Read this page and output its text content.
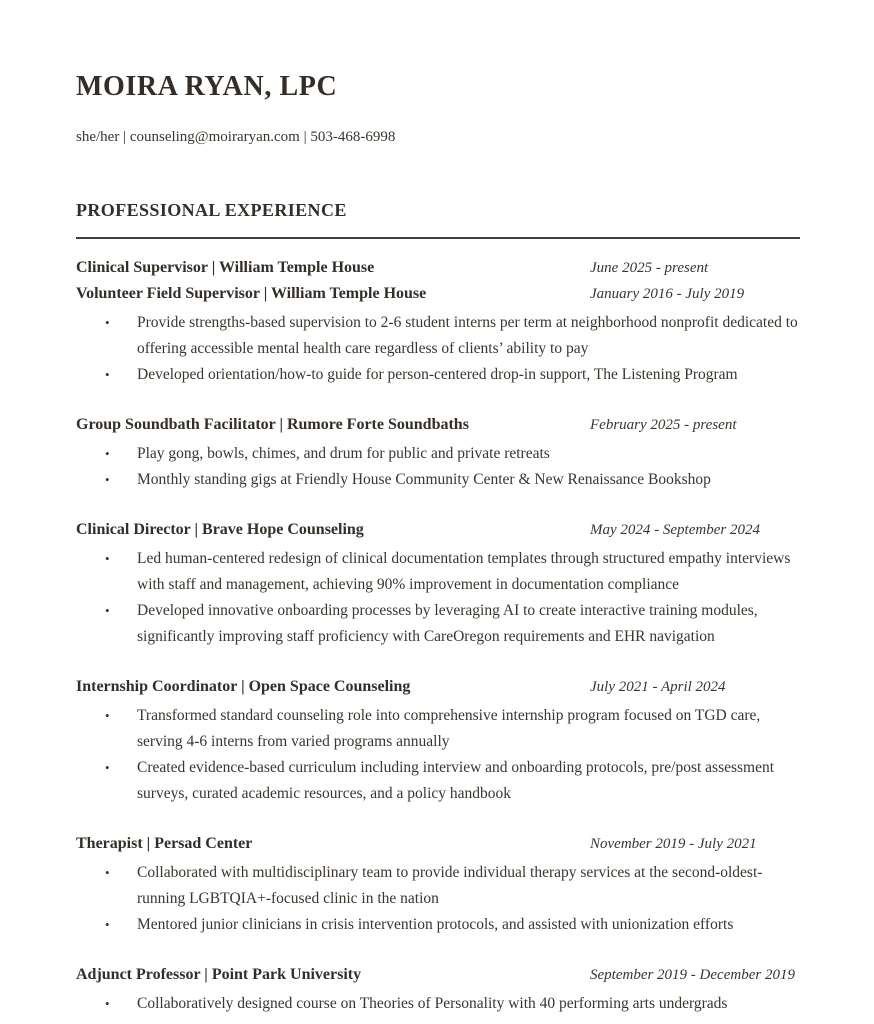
MOIRA RYAN, LPC
she/her | counseling@moiraryan.com | 503-468-6998
PROFESSIONAL EXPERIENCE
Clinical Supervisor | William Temple House	June 2025 - present
Volunteer Field Supervisor | William Temple House	January 2016 - July 2019
• Provide strengths-based supervision to 2-6 student interns per term at neighborhood nonprofit dedicated to offering accessible mental health care regardless of clients’ ability to pay
• Developed orientation/how-to guide for person-centered drop-in support, The Listening Program
Group Soundbath Facilitator | Rumore Forte Soundbaths	February 2025 - present
• Play gong, bowls, chimes, and drum for public and private retreats
• Monthly standing gigs at Friendly House Community Center & New Renaissance Bookshop
Clinical Director | Brave Hope Counseling	May 2024 - September 2024
• Led human-centered redesign of clinical documentation templates through structured empathy interviews with staff and management, achieving 90% improvement in documentation compliance
• Developed innovative onboarding processes by leveraging AI to create interactive training modules, significantly improving staff proficiency with CareOregon requirements and EHR navigation
Internship Coordinator | Open Space Counseling	July 2021 - April 2024
• Transformed standard counseling role into comprehensive internship program focused on TGD care, serving 4-6 interns from varied programs annually
• Created evidence-based curriculum including interview and onboarding protocols, pre/post assessment surveys, curated academic resources, and a policy handbook
Therapist | Persad Center	November 2019 - July 2021
• Collaborated with multidisciplinary team to provide individual therapy services at the second-oldest-running LGBTQIA+-focused clinic in the nation
• Mentored junior clinicians in crisis intervention protocols, and assisted with unionization efforts
Adjunct Professor | Point Park University	September 2019 - December 2019
• Collaboratively designed course on Theories of Personality with 40 performing arts undergrads
